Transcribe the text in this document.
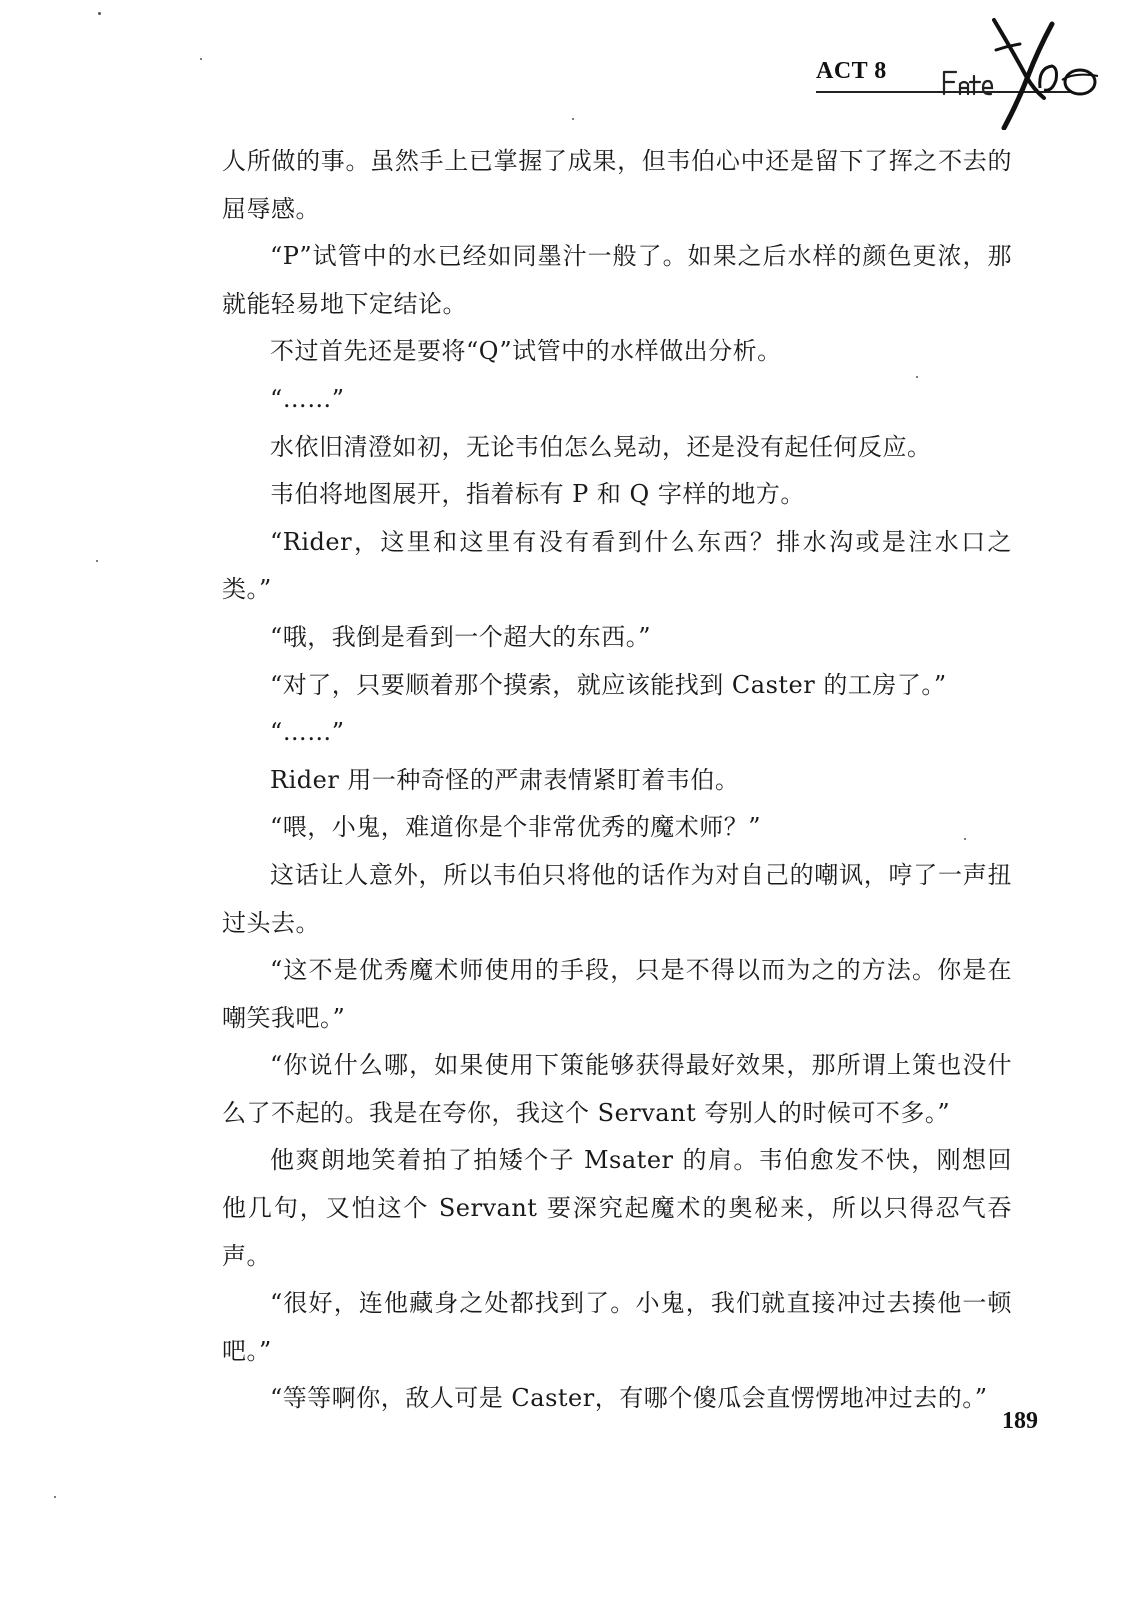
ACT 8

人所做的事。虽然手上已掌握了成果，但韦伯心中还是留下了挥之不去的屈辱感。

“P”试管中的水已经如同墨汁一般了。如果之后水样的颜色更浓，那就能轻易地下定结论。

不过首先还是要将“Q”试管中的水样做出分析。

“……”

水依旧清澄如初，无论韦伯怎么晃动，还是没有起任何反应。

韦伯将地图展开，指着标有 P 和 Q 字样的地方。

“Rider，这里和这里有没有看到什么东西？排水沟或是注水口之类。”

“哦，我倒是看到一个超大的东西。”

“对了，只要顺着那个摸索，就应该能找到 Caster 的工房了。”

“……”

Rider 用一种奇怪的严肃表情紧盯着韦伯。

“喂，小鬼，难道你是个非常优秀的魔术师？”

这话让人意外，所以韦伯只将他的话作为对自己的嘲讽，哼了一声扭过头去。

“这不是优秀魔术师使用的手段，只是不得以而为之的方法。你是在嘲笑我吧。”

“你说什么哪，如果使用下策能够获得最好效果，那所谓上策也没什么了不起的。我是在夸你，我这个 Servant 夸别人的时候可不多。”

他爽朗地笑着拍了拍矮个子 Msater 的肩。韦伯愈发不快，刚想回他几句，又怕这个 Servant 要深究起魔术的奥秘来，所以只得忍气吞声。

“很好，连他藏身之处都找到了。小鬼，我们就直接冲过去揍他一顿吧。”

“等等啊你，敌人可是 Caster，有哪个傻瓜会直愣愣地冲过去的。”

189
